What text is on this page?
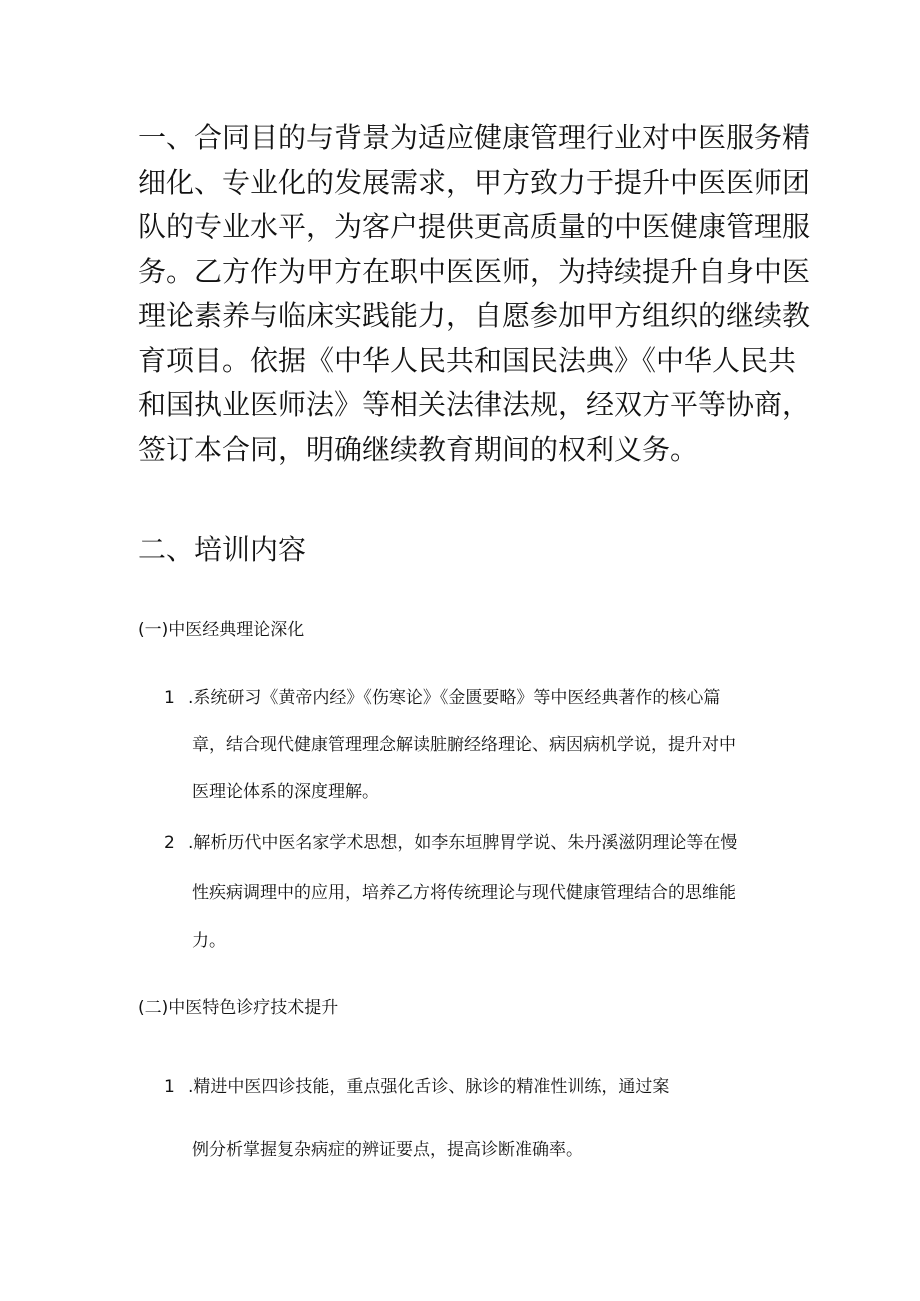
一、合同目的与背景为适应健康管理行业对中医服务精
细化、专业化的发展需求，甲方致力于提升中医医师团
队的专业水平，为客户提供更高质量的中医健康管理服
务。乙方作为甲方在职中医医师，为持续提升自身中医
理论素养与临床实践能力，自愿参加甲方组织的继续教
育项目。依据《中华人民共和国民法典》《中华人民共
和国执业医师法》等相关法律法规，经双方平等协商，
签订本合同，明确继续教育期间的权利义务。

二、培训内容
(一)中医经典理论深化
1 .系统研习《黄帝内经》《伤寒论》《金匮要略》等中医经典著作的核心篇
章，结合现代健康管理理念解读脏腑经络理论、病因病机学说，提升对中
医理论体系的深度理解。
2 .解析历代中医名家学术思想，如李东垣脾胃学说、朱丹溪滋阴理论等在慢
性疾病调理中的应用，培养乙方将传统理论与现代健康管理结合的思维能
力。
(二)中医特色诊疗技术提升
1 .精进中医四诊技能，重点强化舌诊、脉诊的精准性训练，通过案
例分析掌握复杂病症的辨证要点，提高诊断准确率。
